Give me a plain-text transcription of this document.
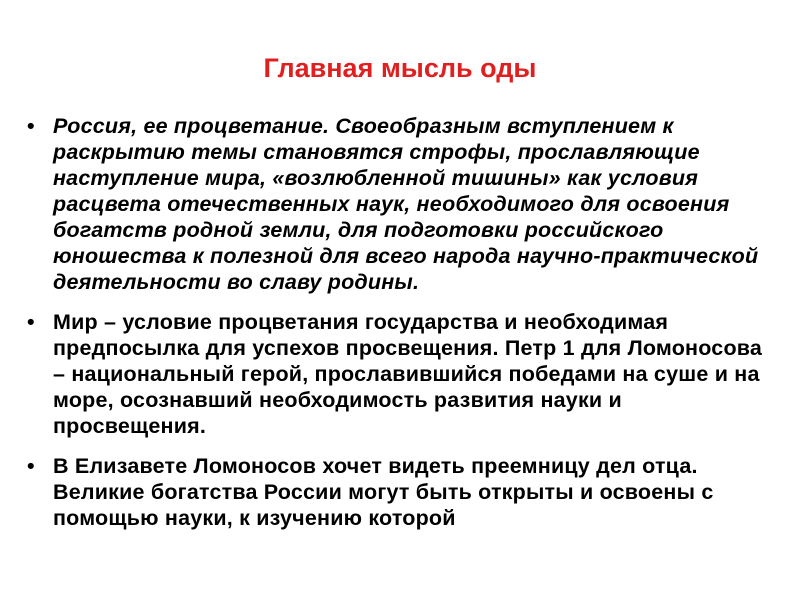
Главная мысль оды
• Россия, ее процветание. Своеобразным вступлением к раскрытию темы становятся строфы, прославляющие наступление мира, «возлюбленной тишины» как условия расцвета отечественных наук, необходимого для освоения богатств родной земли, для подготовки российского юношества к полезной для всего народа научно-практической деятельности во славу родины.
• Мир – условие процветания государства и необходимая предпосылка для успехов просвещения. Петр 1 для Ломоносова – национальный герой, прославившийся победами на суше и на море, осознавший необходимость развития науки и просвещения.
• В Елизавете Ломоносов хочет видеть преемницу дел отца. Великие богатства России могут быть открыты и освоены с помощью науки, к изучению которой
